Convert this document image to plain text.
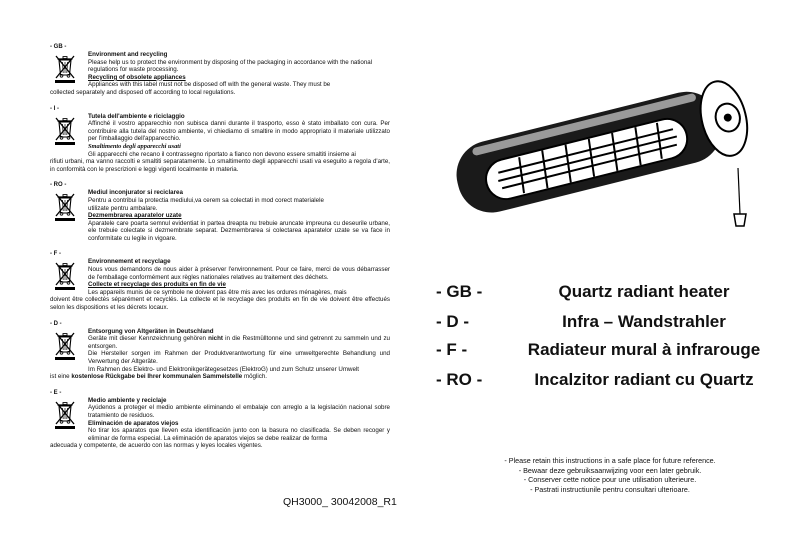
- GB -
Environment and recycling
Please help us to protect the environment by disposing of the packaging in accordance with the national
regulations for waste processing.
Recycling of obsolete appliances
Appliances with this label must not be disposed off with the general waste. They must be
collected separately and disposed off according to local regulations.
- I -
Tutela dell'ambiente e riciclaggio
Affinché il vostro apparecchio non subisca danni durante il trasporto, esso è stato imballato con cura. Per contribuire alla tutela del nostro ambiente, vi chiediamo di smaltire in modo appropriato il materiale utilizzato per l'imballaggio dell'apparecchio.
Smaltimento degli apparecchi usati
Gli apparecchi che recano il contrassegno riportato a fianco non devono essere smaltiti insieme ai
rifiuti urbani, ma vanno raccolti e smaltiti separatamente. Lo smaltimento degli apparecchi usati va eseguito a regola d'arte, in conformità con le prescrizioni e leggi vigenti localmente in materia.
- RO -
Mediul inconjurator si reciclarea
Pentru a contribui la protectia mediului,va cerem sa colectati in mod corect materialele
utilizate pentru ambalare.
Dezmembrarea aparatelor uzate
Aparatele care poarta semnul evidentiat in partea dreapta nu trebuie aruncate impreuna cu deseurile urbane, ele trebuie colectate si dezmembrate separat. Dezmembrarea si colectarea aparatelor uzate se va face in conformitate cu legile in vigoare.
- F -
Environnement et recyclage
Nous vous demandons de nous aider à préserver l'environnement. Pour ce faire, merci de vous débarrasser de l'emballage conformément aux règles nationales relatives au traitement des déchets.
Collecte et recyclage des produits en fin de vie
Les appareils munis de ce symbole ne doivent pas être mis avec les ordures ménagères, mais
doivent être collectés séparément et recyclés. La collecte et le recyclage des produits en fin de vie doivent être effectués selon les dispositions et les décrets locaux.
- D -
Entsorgung von Altgeräten in Deutschland
Geräte mit dieser Kennzeichnung gehören nicht in die Restmülltonne und sind getrennt zu sammeln und zu entsorgen.
Die Hersteller sorgen im Rahmen der Produktverantwortung für eine umweltgerechte Behandlung und Verwertung der Altgeräte.
Im Rahmen des Elektro- und Elektronikgerätegesetzes (ElektroG) und zum Schutz unserer Umwelt
ist eine kostenlose Rückgabe bei Ihrer kommunalen Sammelstelle möglich.
- E -
Medio ambiente y reciclaje
Ayúdenos a proteger el medio ambiente eliminando el embalaje con arreglo a la legislación nacional sobre tratamiento de residuos.
Eliminación de aparatos viejos
No tirar los aparatos que lleven esta identificación junto con la basura no clasificada. Se deben recoger y eliminar de forma especial. La eliminación de aparatos viejos se debe realizar de forma
adecuada y competente, de acuerdo con las normas y leyes locales vigentes.
QH3000_ 30042008_R1
- GB -	Quartz radiant heater
- D -	Infra – Wandstrahler
- F -	Radiateur mural à infrarouge
- RO -	Incalzitor radiant cu Quartz
- Please retain this instructions in a safe place for future reference.
- Bewaar deze gebruiksaanwijzing voor een later gebruik.
- Conserver cette notice pour une utilisation ulterieure.
- Pastrati instructiunile pentru consultari ulterioare.
